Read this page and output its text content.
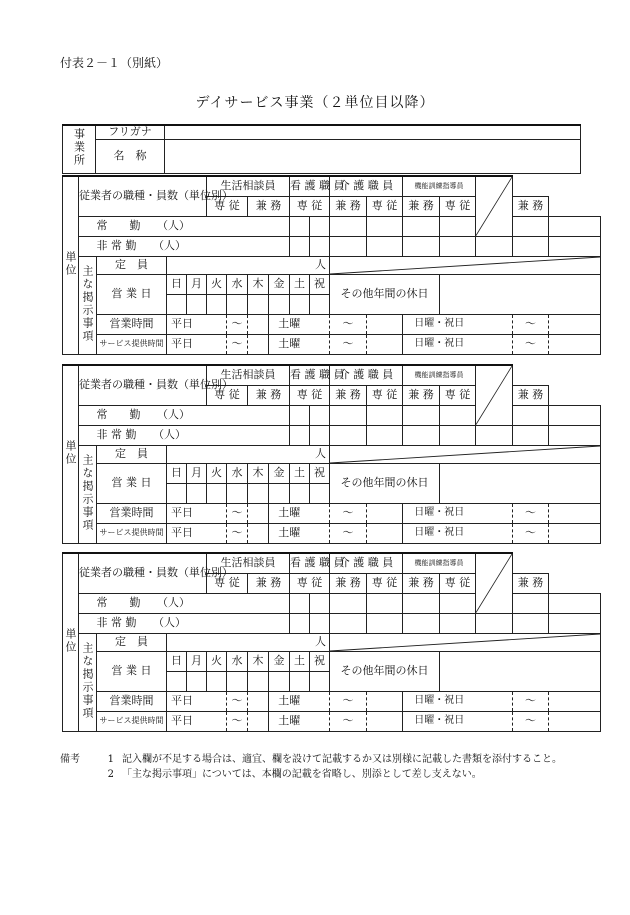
付表２－１（別紙）
デイサービス事業（２単位目以降）
事業所	フリガナ	
	名　称	
単位	従業者の職種・員数（単位別）				生活相談員				看 護 職 員		介 護 職 員		機能訓練指導員	

					専 従		兼 務		専 従		兼 務	専 従	兼 務	専 従		兼 務	
		常　　勤　　（人）															
		非 常 勤　　（人）															
	主な掲示事項	定　員	人	

		営 業 日	日	月	火	水	木	金	土	祝	その他年間の休日						

		営業時間	平日			～		土曜			～		日曜・祝日			～	
		サービス提供時間	平日			～		土曜			～		日曜・祝日			～	
単位	従業者の職種・員数（単位別）				生活相談員				看 護 職 員		介 護 職 員		機能訓練指導員	

					専 従		兼 務		専 従		兼 務	専 従	兼 務	専 従		兼 務	
		常　　勤　　（人）															
		非 常 勤　　（人）															
	主な掲示事項	定　員	人	

		営 業 日	日	月	火	水	木	金	土	祝	その他年間の休日						

		営業時間	平日			～		土曜			～		日曜・祝日			～	
		サービス提供時間	平日			～		土曜			～		日曜・祝日			～	
単位	従業者の職種・員数（単位別）				生活相談員				看 護 職 員		介 護 職 員		機能訓練指導員	

					専 従		兼 務		専 従		兼 務	専 従	兼 務	専 従		兼 務	
		常　　勤　　（人）															
		非 常 勤　　（人）															
	主な掲示事項	定　員	人	

		営 業 日	日	月	火	水	木	金	土	祝	その他年間の休日						

		営業時間	平日			～		土曜			～		日曜・祝日			～	
		サービス提供時間	平日			～		土曜			～		日曜・祝日			～	
備考	1 記入欄が不足する場合は、適宜、欄を設けて記載するか又は別様に記載した書類を添付すること。
2 「主な掲示事項」については、本欄の記載を省略し、別添として差し支えない。
